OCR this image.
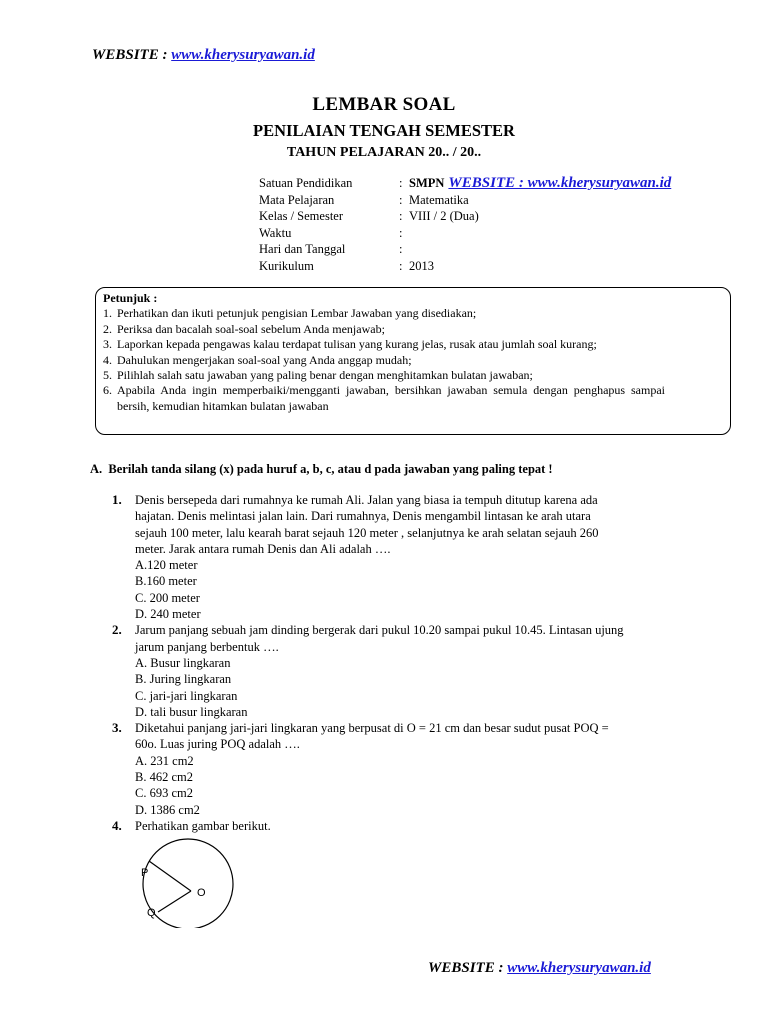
WEBSITE : www.kherysuryawan.id
LEMBAR SOAL
PENILAIAN TENGAH SEMESTER
TAHUN PELAJARAN 20.. / 20..
Satuan Pendidikan	: SMPN WEBSITE : www.kherysuryawan.id
Mata Pelajaran	: Matematika
Kelas / Semester	: VIII / 2 (Dua)
Waktu	:
Hari dan Tanggal	:
Kurikulum	: 2013
Petunjuk :
1. Perhatikan dan ikuti petunjuk pengisian Lembar Jawaban yang disediakan;
2. Periksa dan bacalah soal-soal sebelum Anda menjawab;
3. Laporkan kepada pengawas kalau terdapat tulisan yang kurang jelas, rusak atau jumlah soal kurang;
4. Dahulukan mengerjakan soal-soal yang Anda anggap mudah;
5. Pilihlah salah satu jawaban yang paling benar dengan menghitamkan bulatan jawaban;
6. Apabila Anda ingin memperbaiki/mengganti jawaban, bersihkan jawaban semula dengan penghapus sampai bersih, kemudian hitamkan bulatan jawaban
A. Berilah tanda silang (x) pada huruf a, b, c, atau d pada jawaban yang paling tepat !
1.	Denis bersepeda dari rumahnya ke rumah Ali. Jalan yang biasa ia tempuh ditutup karena ada

hajatan. Denis melintasi jalan lain. Dari rumahnya, Denis mengambil lintasan ke arah utara

sejauh 100 meter, lalu kearah barat sejauh 120 meter , selanjutnya ke arah selatan sejauh 260

meter. Jarak antara rumah Denis dan Ali adalah ….

A.120 meter

B.160 meter

C. 200 meter

D. 240 meter

2.	Jarum panjang sebuah jam dinding bergerak dari pukul 10.20 sampai pukul 10.45. Lintasan ujung

jarum panjang berbentuk ….

A. Busur lingkaran

B. Juring lingkaran

C. jari-jari lingkaran

D. tali busur lingkaran

3.	Diketahui panjang jari-jari lingkaran yang berpusat di O = 21 cm dan besar sudut pusat POQ =

60o. Luas juring POQ adalah ….

A. 231 cm2

B. 462 cm2

C. 693 cm2

D. 1386 cm2

4.	Perhatikan gambar berikut.

P
Q
O
WEBSITE : www.kherysuryawan.id
